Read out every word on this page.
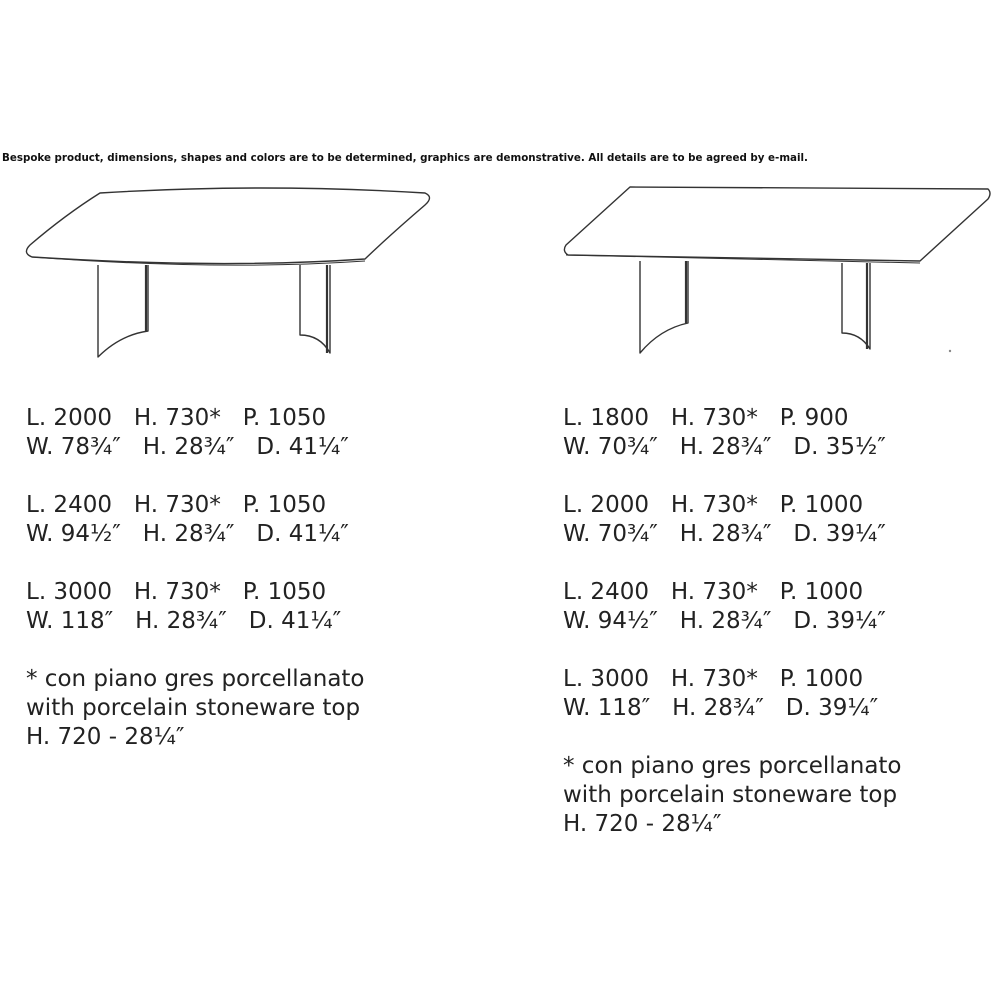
Bespoke product, dimensions, shapes and colors are to be determined, graphics are demonstrative. All details are to be agreed by e-mail.
L. 2000   H. 730*   P. 1050
W. 78¾″   H. 28¾″   D. 41¼″
L. 2400   H. 730*   P. 1050
W. 94½″   H. 28¾″   D. 41¼″
L. 3000   H. 730*   P. 1050
W. 118″   H. 28¾″   D. 41¼″
* con piano gres porcellanato
with porcelain stoneware top
H. 720 - 28¼″
L. 1800   H. 730*   P. 900
W. 70¾″   H. 28¾″   D. 35½″
L. 2000   H. 730*   P. 1000
W. 70¾″   H. 28¾″   D. 39¼″
L. 2400   H. 730*   P. 1000
W. 94½″   H. 28¾″   D. 39¼″
L. 3000   H. 730*   P. 1000
W. 118″   H. 28¾″   D. 39¼″
* con piano gres porcellanato
with porcelain stoneware top
H. 720 - 28¼″
